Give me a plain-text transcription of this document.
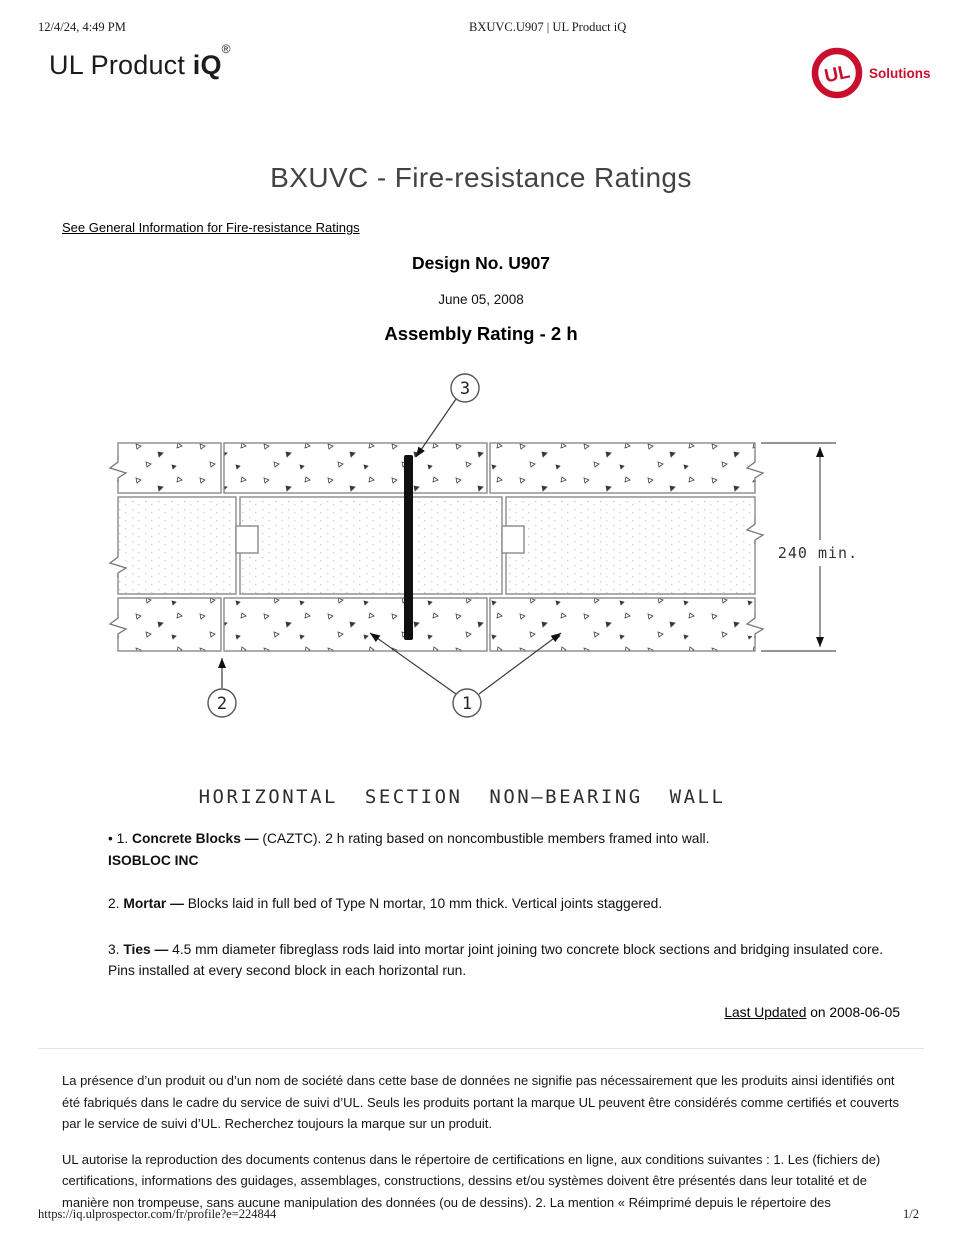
12/4/24, 4:49 PM	BXUVC.U907 | UL Product iQ
UL Product iQ®
UL Solutions
BXUVC - Fire-resistance Ratings
See General Information for Fire-resistance Ratings
Design No. U907
June 05, 2008
Assembly Rating - 2 h
3
2	1
240 min.
HORIZONTAL SECTION NON—BEARING WALL

• 1. Concrete Blocks — (CAZTC). 2 h rating based on noncombustible members framed into wall.

ISOBLOC INC

2. Mortar — Blocks laid in full bed of Type N mortar, 10 mm thick. Vertical joints staggered.

3. Ties — 4.5 mm diameter fibreglass rods laid into mortar joint joining two concrete block sections and bridging insulated core. Pins installed at every second block in each horizontal run.

Last Updated on 2008-06-05

La présence d’un produit ou d’un nom de société dans cette base de données ne signifie pas nécessairement que les produits ainsi identifiés ont été fabriqués dans le cadre du service de suivi d’UL. Seuls les produits portant la marque UL peuvent être considérés comme certifiés et couverts par le service de suivi d’UL. Recherchez toujours la marque sur un produit.

UL autorise la reproduction des documents contenus dans le répertoire de certifications en ligne, aux conditions suivantes : 1. Les (fichiers de) certifications, informations des guidages, assemblages, constructions, dessins et/ou systèmes doivent être présentés dans leur totalité et de manière non trompeuse, sans aucune manipulation des données (ou de dessins). 2. La mention « Réimprimé depuis le répertoire des

https://iq.ulprospector.com/fr/profile?e=224844	1/2
